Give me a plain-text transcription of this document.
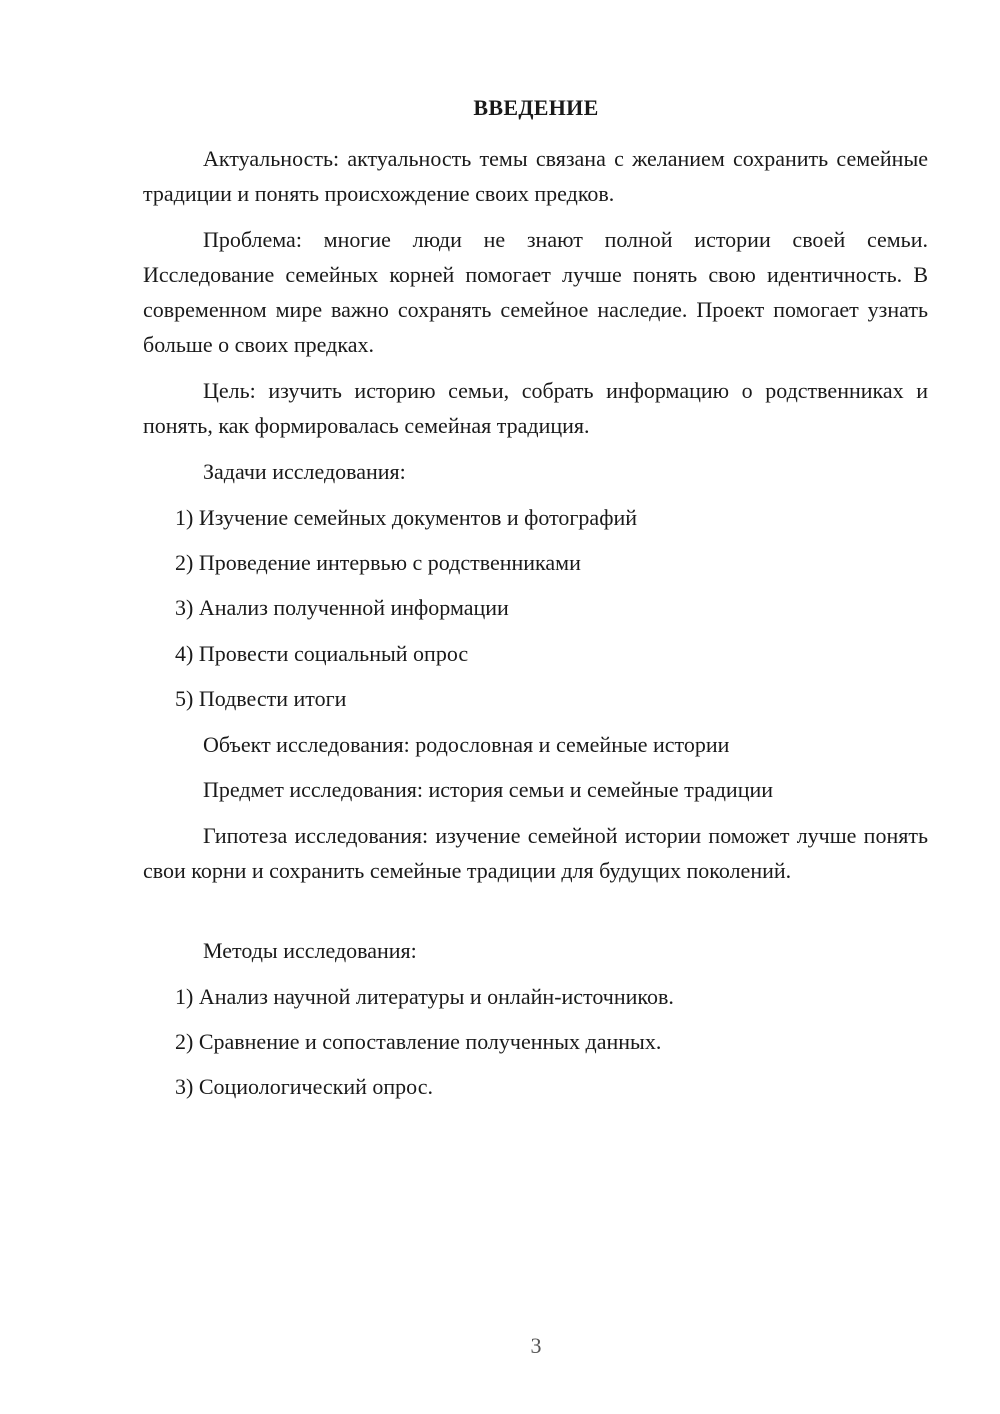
ВВЕДЕНИЕ

Актуальность: актуальность темы связана с желанием сохранить семейные традиции и понять происхождение своих предков.

Проблема: многие люди не знают полной истории своей семьи. Исследование семейных корней помогает лучше понять свою идентичность. В современном мире важно сохранять семейное наследие. Проект помогает узнать больше о своих предках.

Цель: изучить историю семьи, собрать информацию о родственниках и понять, как формировалась семейная традиция.

Задачи исследования:

1) Изучение семейных документов и фотографий

2) Проведение интервью с родственниками

3) Анализ полученной информации

4) Провести социальный опрос

5) Подвести итоги

Объект исследования: родословная и семейные истории

Предмет исследования: история семьи и семейные традиции

Гипотеза исследования: изучение семейной истории поможет лучше понять свои корни и сохранить семейные традиции для будущих поколений.

Методы исследования:

1) Анализ научной литературы и онлайн-источников.

2) Сравнение и сопоставление полученных данных.

3) Социологический опрос.

3
